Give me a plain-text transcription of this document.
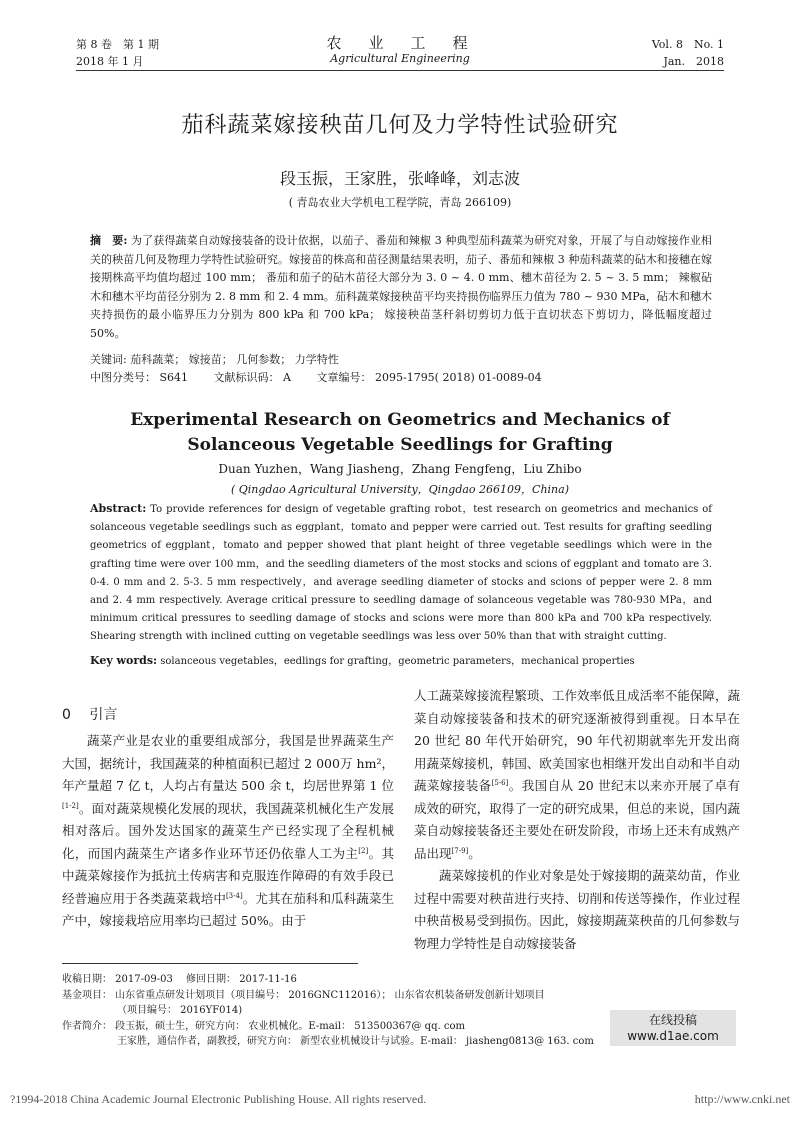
第 8 卷　第 1 期
2018 年 1 月
农　业　工　程
Agricultural Engineering
Vol. 8　No. 1
Jan.　2018
茄科蔬菜嫁接秧苗几何及力学特性试验研究
段玉振，王家胜，张峰峰，刘志波
( 青岛农业大学机电工程学院，青岛 266109)
摘　要: 为了获得蔬菜自动嫁接装备的设计依据，以茄子、番茄和辣椒 3 种典型茄科蔬菜为研究对象，开展了与自动嫁接作业相关的秧苗几何及物理力学特性试验研究。嫁接苗的株高和苗径测量结果表明，茄子、番茄和辣椒 3 种茄科蔬菜的砧木和接穗在嫁接期株高平均值均超过 100 mm； 番茄和茄子的砧木苗径大部分为 3. 0 ~ 4. 0 mm、穗木苗径为 2. 5 ~ 3. 5 mm； 辣椒砧木和穗木平均苗径分别为 2. 8 mm 和 2. 4 mm。茄科蔬菜嫁接秧苗平均夹持损伤临界压力值为 780 ~ 930 MPa，砧木和穗木夹持损伤的最小临界压力分别为 800 kPa 和 700 kPa； 嫁接秧苗茎秆斜切剪切力低于直切状态下剪切力，降低幅度超过 50%。
关键词: 茄科蔬菜； 嫁接苗； 几何参数； 力学特性
中图分类号： S641 文献标识码： A 文章编号： 2095-1795( 2018) 01-0089-04
Experimental Research on Geometrics and Mechanics of
Solanceous Vegetable Seedlings for Grafting
Duan Yuzhen，Wang Jiasheng，Zhang Fengfeng，Liu Zhibo
( Qingdao Agricultural University，Qingdao 266109，China)
Abstract: To provide references for design of vegetable grafting robot，test research on geometrics and mechanics of solanceous vegetable seedlings such as eggplant，tomato and pepper were carried out. Test results for grafting seedling geometrics of eggplant，tomato and pepper showed that plant height of three vegetable seedlings which were in the grafting time were over 100 mm，and the seedling diameters of the most stocks and scions of eggplant and tomato are 3. 0-4. 0 mm and 2. 5-3. 5 mm respectively，and average seedling diameter of stocks and scions of pepper were 2. 8 mm and 2. 4 mm respectively. Average critical pressure to seedling damage of solanceous vegetable was 780-930 MPa，and minimum critical pressures to seedling damage of stocks and scions were more than 800 kPa and 700 kPa respectively. Shearing strength with inclined cutting on vegetable seedlings was less over 50% than that with straight cutting.
Key words: solanceous vegetables，eedlings for grafting，geometric parameters，mechanical properties
0 引言

蔬菜产业是农业的重要组成部分，我国是世界蔬菜生产大国，据统计，我国蔬菜的种植面积已超过 2 000万 hm²，年产量超 7 亿 t，人均占有量达 500 余 t，均居世界第 1 位[1-2]。面对蔬菜规模化发展的现状，我国蔬菜机械化生产发展相对落后。国外发达国家的蔬菜生产已经实现了全程机械化，而国内蔬菜生产诸多作业环节还仍依靠人工为主[2]。其中蔬菜嫁接作为抵抗土传病害和克服连作障碍的有效手段已经普遍应用于各类蔬菜栽培中[3-4]。尤其在茄科和瓜科蔬菜生产中，嫁接栽培应用率均已超过 50%。由于

人工蔬菜嫁接流程繁琐、工作效率低且成活率不能保障，蔬菜自动嫁接装备和技术的研究逐渐被得到重视。日本早在 20 世纪 80 年代开始研究，90 年代初期就率先开发出商用蔬菜嫁接机，韩国、欧美国家也相继开发出自动和半自动蔬菜嫁接装备[5-6]。我国自从 20 世纪末以来亦开展了卓有成效的研究，取得了一定的研究成果，但总的来说，国内蔬菜自动嫁接装备还主要处在研发阶段，市场上还未有成熟产品出现[7-9]。

蔬菜嫁接机的作业对象是处于嫁接期的蔬菜幼苗，作业过程中需要对秧苗进行夹持、切削和传送等操作，作业过程中秧苗极易受到损伤。因此，嫁接期蔬菜秧苗的几何参数与物理力学特性是自动嫁接装备

收稿日期： 2017-09-03　 修回日期： 2017-11-16
基金项目： 山东省重点研发计划项目（项目编号： 2016GNC112016）； 山东省农机装备研发创新计划项目
（项目编号： 2016YF014)
作者简介： 段玉振，硕士生，研究方向： 农业机械化。E-mail： 513500367@ qq. com
王家胜，通信作者，副教授，研究方向： 新型农业机械设计与试验。E-mail： jiasheng0813@ 163. com
在线投稿
www.d1ae.com
?1994-2018 China Academic Journal Electronic Publishing House. All rights reserved.	http://www.cnki.net
